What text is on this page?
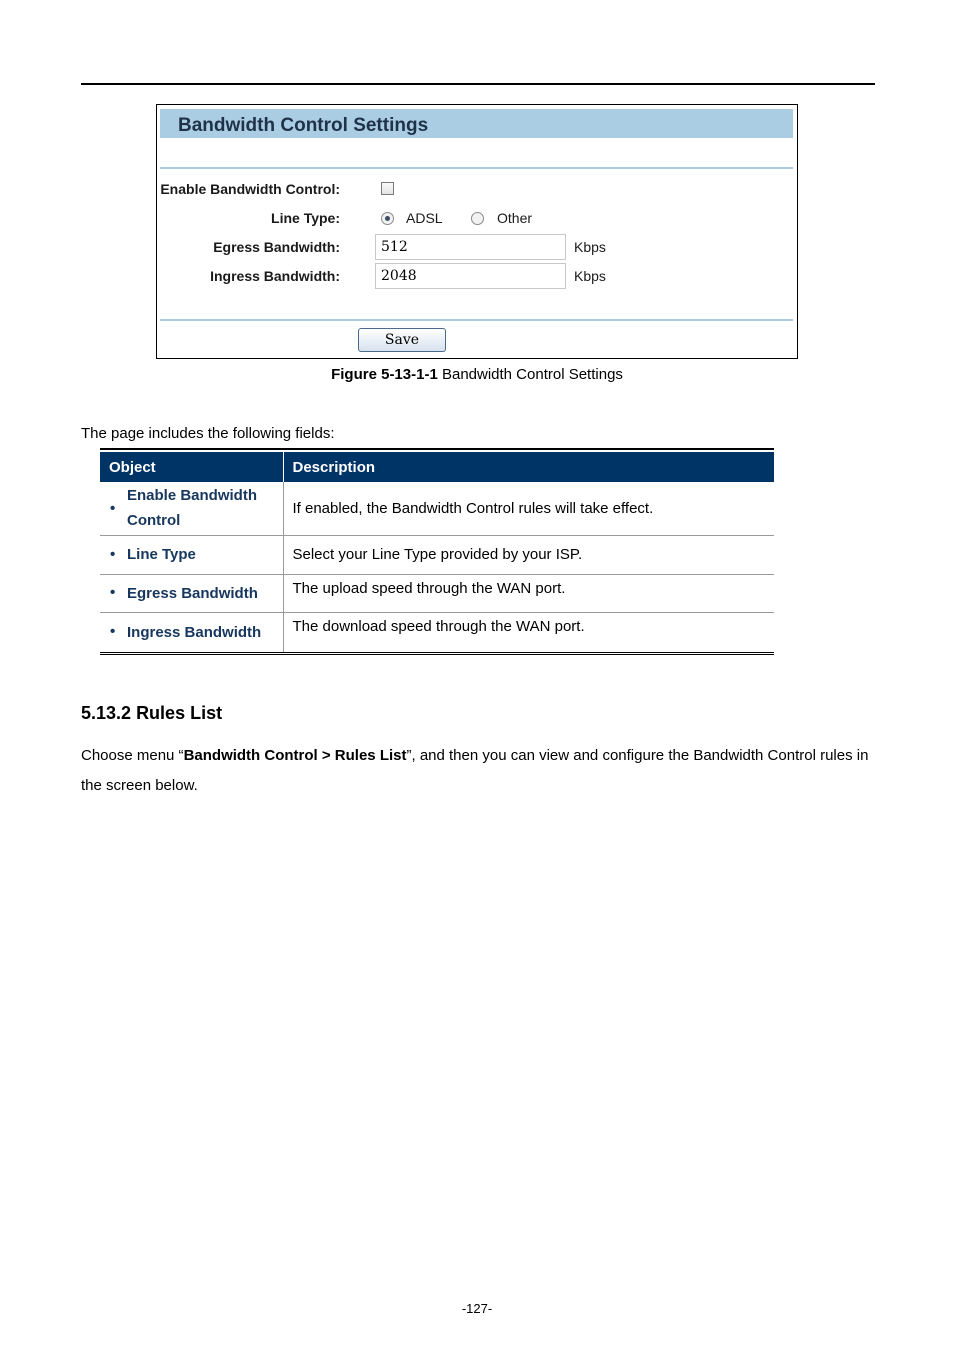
Bandwidth Control Settings
Enable Bandwidth Control:
Line Type:	ADSL	Other
Egress Bandwidth:
512	Kbps
Ingress Bandwidth:
2048	Kbps
Save
Figure 5-13-1-1 Bandwidth Control Settings
The page includes the following fields:
Object	Description
• Enable Bandwidth Control	If enabled, the Bandwidth Control rules will take effect.
• Line Type	Select your Line Type provided by your ISP.
• Egress Bandwidth	The upload speed through the WAN port.
• Ingress Bandwidth	The download speed through the WAN port.
5.13.2 Rules List
Choose menu “Bandwidth Control > Rules List”, and then you can view and configure the Bandwidth Control rules in the screen below.
-127-
